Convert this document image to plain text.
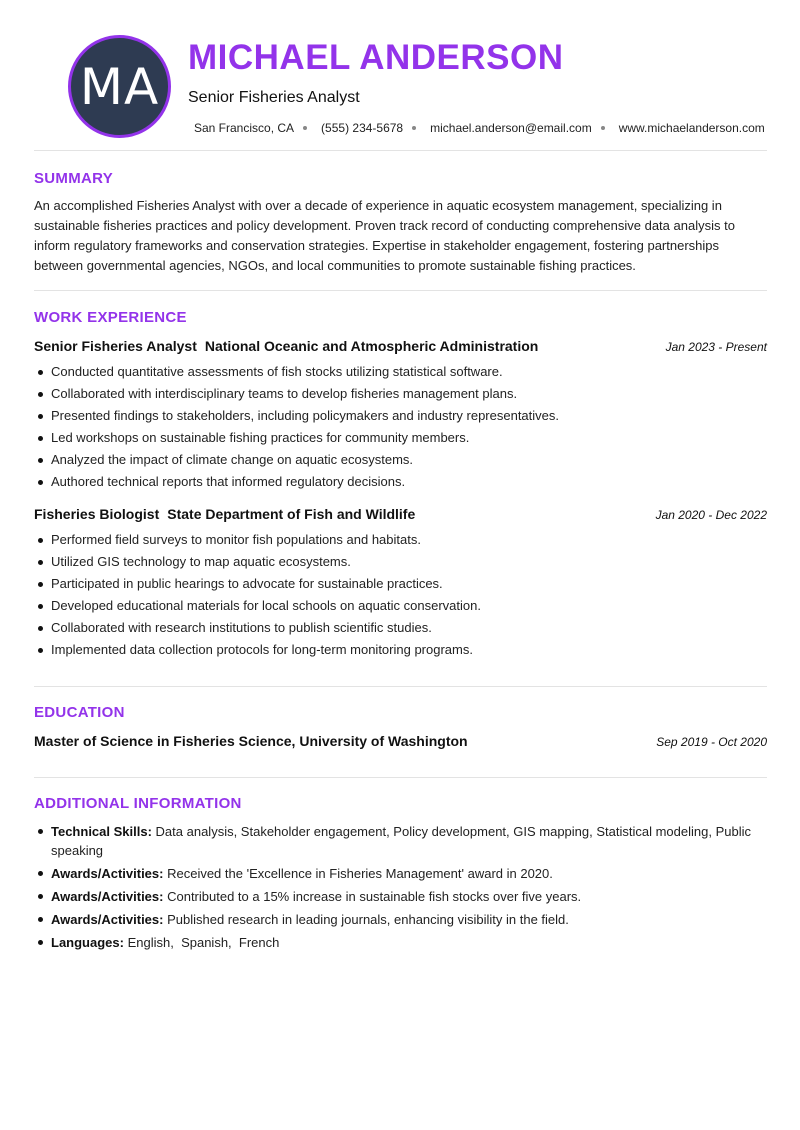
MA MICHAEL ANDERSON
Senior Fisheries Analyst
San Francisco, CA (555) 234-5678 michael.anderson@email.com www.michaelanderson.com
SUMMARY

An accomplished Fisheries Analyst with over a decade of experience in aquatic ecosystem management, specializing in sustainable fisheries practices and policy development. Proven track record of conducting comprehensive data analysis to inform regulatory frameworks and conservation strategies. Expertise in stakeholder engagement, fostering partnerships between governmental agencies, NGOs, and local communities to promote sustainable fishing practices.

WORK EXPERIENCE
Senior Fisheries Analyst National Oceanic and Atmospheric Administration	Jan 2023 - Present
Conducted quantitative assessments of fish stocks utilizing statistical software.
Collaborated with interdisciplinary teams to develop fisheries management plans.
Presented findings to stakeholders, including policymakers and industry representatives.
Led workshops on sustainable fishing practices for community members.
Analyzed the impact of climate change on aquatic ecosystems.
Authored technical reports that informed regulatory decisions.
Fisheries Biologist State Department of Fish and Wildlife	Jan 2020 - Dec 2022
Performed field surveys to monitor fish populations and habitats.
Utilized GIS technology to map aquatic ecosystems.
Participated in public hearings to advocate for sustainable practices.
Developed educational materials for local schools on aquatic conservation.
Collaborated with research institutions to publish scientific studies.
Implemented data collection protocols for long-term monitoring programs.
EDUCATION
Master of Science in Fisheries Science, University of Washington	Sep 2019 - Oct 2020
ADDITIONAL INFORMATION
Technical Skills: Data analysis, Stakeholder engagement, Policy development, GIS mapping, Statistical modeling, Public speaking
Awards/Activities: Received the 'Excellence in Fisheries Management' award in 2020.
Awards/Activities: Contributed to a 15% increase in sustainable fish stocks over five years.
Awards/Activities: Published research in leading journals, enhancing visibility in the field.
Languages: English,  Spanish,  French
